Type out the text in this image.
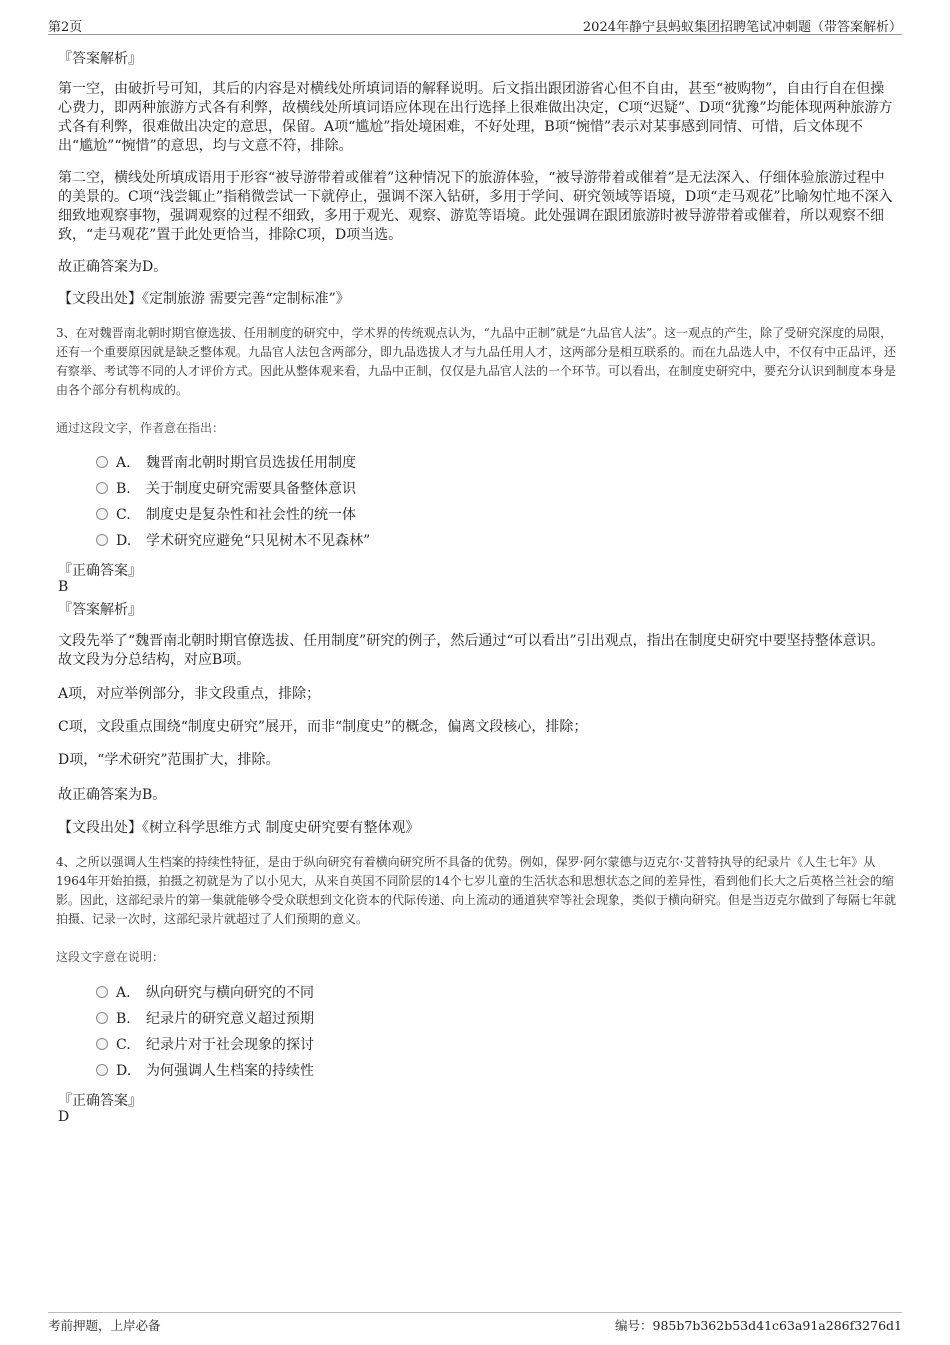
第2页	2024年静宁县蚂蚁集团招聘笔试冲刺题（带答案解析）
『答案解析』

第一空，由破折号可知，其后的内容是对横线处所填词语的解释说明。后文指出跟团游省心但不自由，甚至“被购物”，自由行自在但操心费力，即两种旅游方式各有利弊，故横线处所填词语应体现在出行选择上很难做出决定，C项“迟疑”、D项“犹豫”均能体现两种旅游方式各有利弊，很难做出决定的意思，保留。A项“尴尬”指处境困难，不好处理，B项“惋惜”表示对某事感到同情、可惜，后文体现不出“尴尬”“惋惜”的意思，均与文意不符，排除。

第二空，横线处所填成语用于形容“被导游带着或催着”这种情况下的旅游体验，“被导游带着或催着”是无法深入、仔细体验旅游过程中的美景的。C项“浅尝辄止”指稍微尝试一下就停止，强调不深入钻研，多用于学问、研究领域等语境，D项“走马观花”比喻匆忙地不深入细致地观察事物，强调观察的过程不细致，多用于观光、观察、游览等语境。此处强调在跟团旅游时被导游带着或催着，所以观察不细致，“走马观花”置于此处更恰当，排除C项，D项当选。

故正确答案为D。

【文段出处】《定制旅游 需要完善“定制标准”》

3、在对魏晋南北朝时期官僚选拔、任用制度的研究中，学术界的传统观点认为，“九品中正制”就是“九品官人法”。这一观点的产生，除了受研究深度的局限，还有一个重要原因就是缺乏整体观。九品官人法包含两部分，即九品选拔人才与九品任用人才，这两部分是相互联系的。而在九品选人中，不仅有中正品评，还有察举、考试等不同的人才评价方式。因此从整体观来看，九品中正制，仅仅是九品官人法的一个环节。可以看出，在制度史研究中，要充分认识到制度本身是由各个部分有机构成的。

通过这段文字，作者意在指出：
A. 魏晋南北朝时期官员选拔任用制度
B. 关于制度史研究需要具备整体意识
C. 制度史是复杂性和社会性的统一体
D. 学术研究应避免“只见树木不见森林”
『正确答案』
B
『答案解析』

文段先举了“魏晋南北朝时期官僚选拔、任用制度”研究的例子，然后通过“可以看出”引出观点，指出在制度史研究中要坚持整体意识。故文段为分总结构，对应B项。

A项，对应举例部分，非文段重点，排除；

C项，文段重点围绕“制度史研究”展开，而非“制度史”的概念，偏离文段核心，排除；

D项，“学术研究”范围扩大，排除。

故正确答案为B。

【文段出处】《树立科学思维方式 制度史研究要有整体观》

4、之所以强调人生档案的持续性特征，是由于纵向研究有着横向研究所不具备的优势。例如，保罗·阿尔蒙德与迈克尔·艾普特执导的纪录片《人生七年》从1964年开始拍摄，拍摄之初就是为了以小见大，从来自英国不同阶层的14个七岁儿童的生活状态和思想状态之间的差异性，看到他们长大之后英格兰社会的缩影。因此，这部纪录片的第一集就能够令受众联想到文化资本的代际传递、向上流动的通道狭窄等社会现象，类似于横向研究。但是当迈克尔做到了每隔七年就拍摄、记录一次时，这部纪录片就超过了人们预期的意义。

这段文字意在说明：
A. 纵向研究与横向研究的不同
B. 纪录片的研究意义超过预期
C. 纪录片对于社会现象的探讨
D. 为何强调人生档案的持续性
『正确答案』
D
考前押题，上岸必备	编号：985b7b362b53d41c63a91a286f3276d1
